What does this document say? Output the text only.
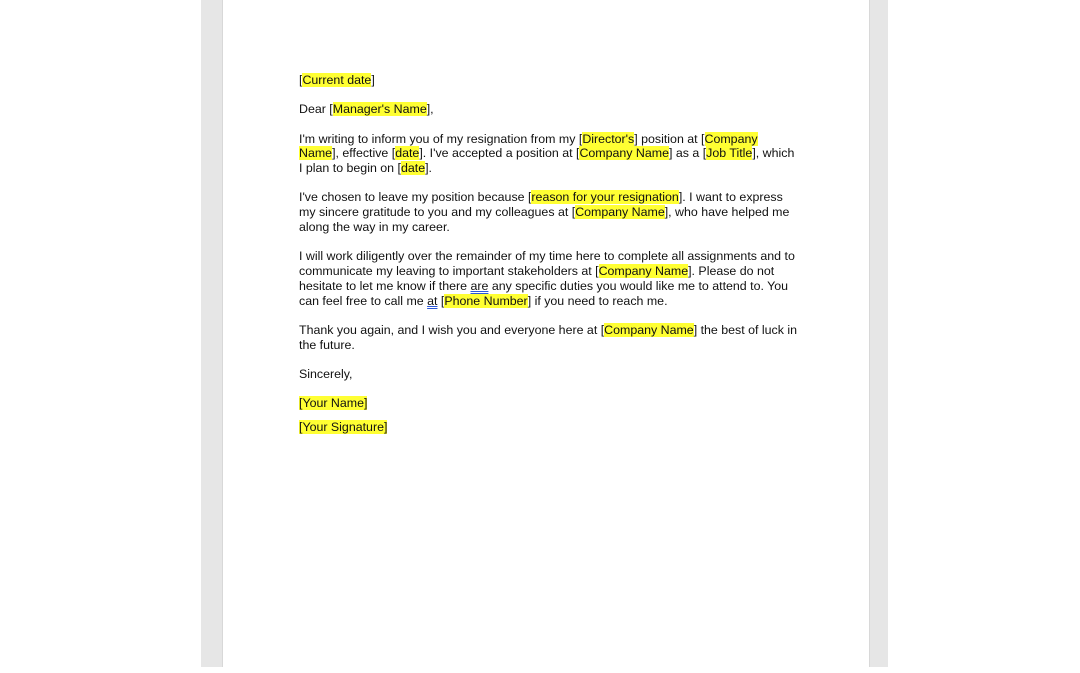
[Current date]

Dear [Manager's Name],

I'm writing to inform you of my resignation from my [Director's] position at [Company Name], effective [date]. I've accepted a position at [Company Name] as a [Job Title], which I plan to begin on [date].

I've chosen to leave my position because [reason for your resignation]. I want to express my sincere gratitude to you and my colleagues at [Company Name], who have helped me along the way in my career.

I will work diligently over the remainder of my time here to complete all assignments and to communicate my leaving to important stakeholders at [Company Name]. Please do not hesitate to let me know if there are any specific duties you would like me to attend to. You can feel free to call me at [Phone Number] if you need to reach me.

Thank you again, and I wish you and everyone here at [Company Name] the best of luck in the future.

Sincerely,

[Your Name]

[Your Signature]
